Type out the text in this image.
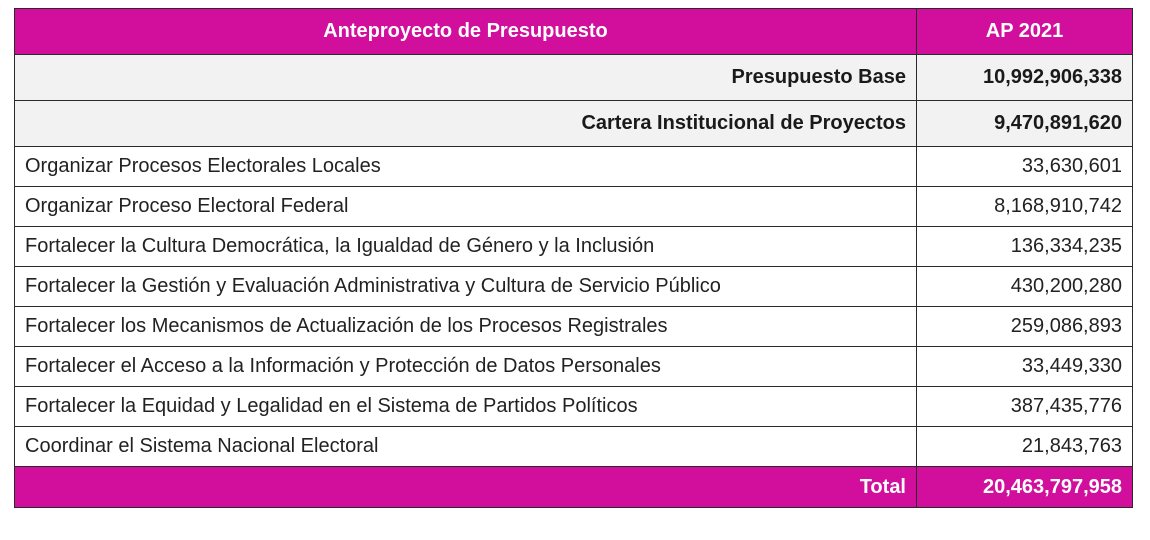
Anteproyecto de Presupuesto	AP 2021
Presupuesto Base	10,992,906,338
Cartera Institucional de Proyectos	9,470,891,620
Organizar Procesos Electorales Locales	33,630,601
Organizar Proceso Electoral Federal	8,168,910,742
Fortalecer la Cultura Democrática, la Igualdad de Género y la Inclusión	136,334,235
Fortalecer la Gestión y Evaluación Administrativa y Cultura de Servicio Público	430,200,280
Fortalecer los Mecanismos de Actualización de los Procesos Registrales	259,086,893
Fortalecer el Acceso a la Información y Protección de Datos Personales	33,449,330
Fortalecer la Equidad y Legalidad en el Sistema de Partidos Políticos	387,435,776
Coordinar el Sistema Nacional Electoral	21,843,763
Total	20,463,797,958
